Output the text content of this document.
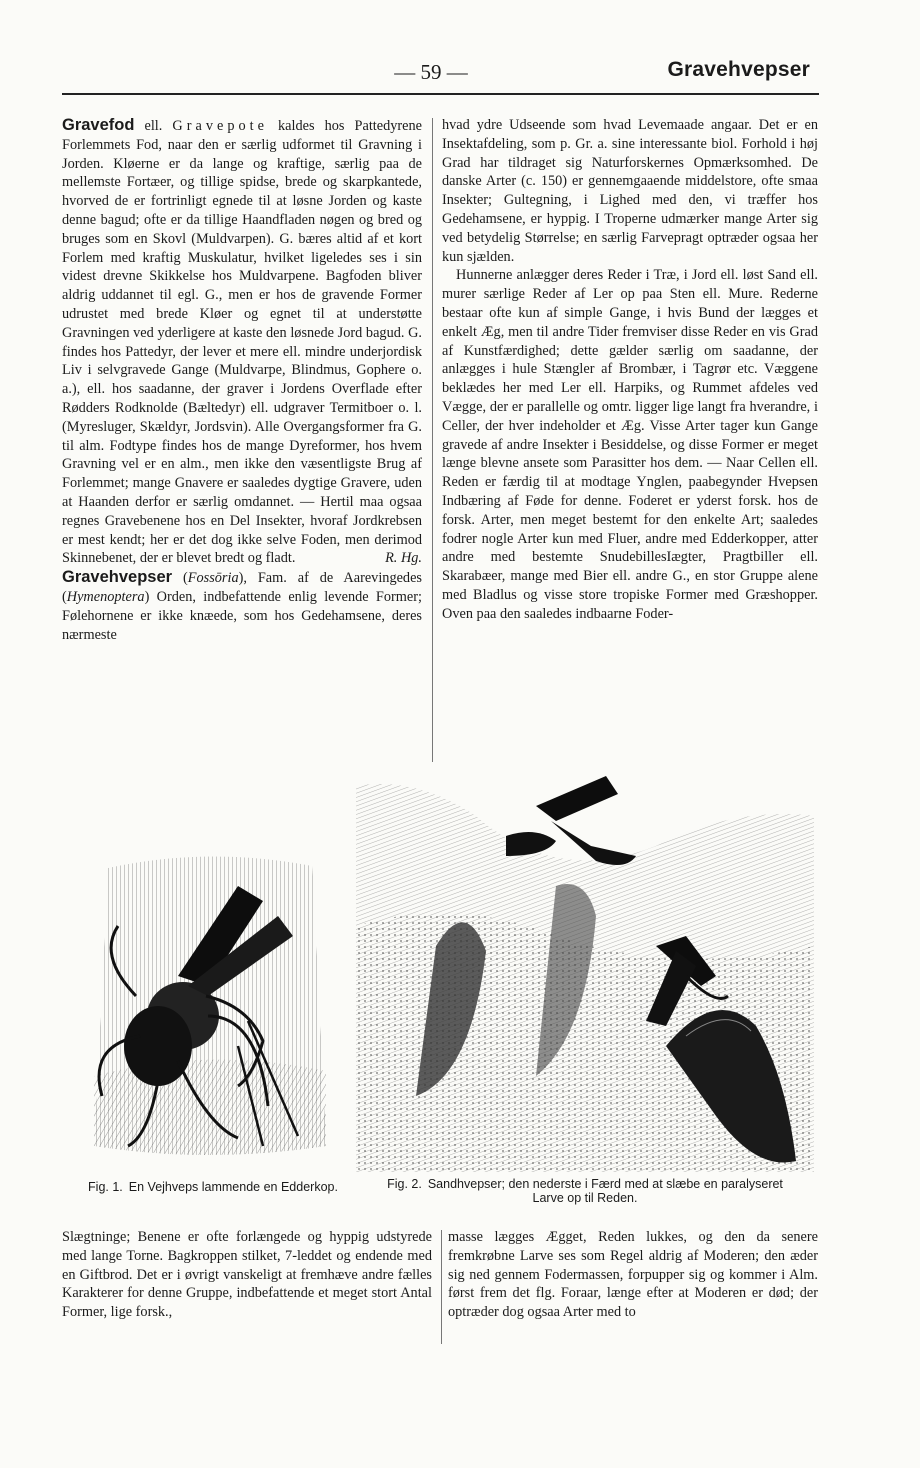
— 59 —	Gravehvepser

Gravefod ell. Gravepote kaldes hos Pattedyrene Forlemmets Fod, naar den er særlig udformet til Gravning i Jorden. Kløerne er da lange og kraftige, særlig paa de mellemste Fortæer, og tillige spidse, brede og skarpkantede, hvorved de er fortrinligt egnede til at løsne Jorden og kaste denne bagud; ofte er da tillige Haandfladen nøgen og bred og bruges som en Skovl (Muldvarpen). G. bæres altid af et kort Forlem med kraftig Muskulatur, hvilket ligeledes ses i sin videst drevne Skikkelse hos Muldvarpene. Bagfoden bliver aldrig uddannet til egl. G., men er hos de gravende Former udrustet med brede Kløer og egnet til at understøtte Gravningen ved yderligere at kaste den løsnede Jord bagud. G. findes hos Pattedyr, der lever et mere ell. mindre underjordisk Liv i selvgravede Gange (Muldvarpe, Blindmus, Gophere o. a.), ell. hos saadanne, der graver i Jordens Overflade efter Rødders Rodknolde (Bæltedyr) ell. udgraver Termitboer o. l. (Myresluger, Skældyr, Jordsvin). Alle Overgangsformer fra G. til alm. Fodtype findes hos de mange Dyreformer, hos hvem Gravning vel er en alm., men ikke den væsentligste Brug af Forlemmet; mange Gnavere er saaledes dygtige Gravere, uden at Haanden derfor er særlig omdannet. — Hertil maa ogsaa regnes Gravebenene hos en Del Insekter, hvoraf Jordkrebsen er mest kendt; her er det dog ikke selve Foden, men derimod Skinnebenet, der er blevet bredt og fladt.	R. Hg.

Gravehvepser (Fossōria), Fam. af de Aarevingedes (Hymenoptera) Orden, indbefattende enlig levende Former; Følehornene er ikke knæede, som hos Gedehamsene, deres nærmeste

hvad ydre Udseende som hvad Levemaade angaar. Det er en Insektafdeling, som p. Gr. a. sine interessante biol. Forhold i høj Grad har tildraget sig Naturforskernes Opmærksomhed. De danske Arter (c. 150) er gennemgaaende middelstore, ofte smaa Insekter; Gultegning, i Lighed med den, vi træffer hos Gedehamsene, er hyppig. I Troperne udmærker mange Arter sig ved betydelig Størrelse; en særlig Farvepragt optræder ogsaa her kun sjælden.

Hunnerne anlægger deres Reder i Træ, i Jord ell. løst Sand ell. murer særlige Reder af Ler op paa Sten ell. Mure. Rederne bestaar ofte kun af simple Gange, i hvis Bund der lægges et enkelt Æg, men til andre Tider fremviser disse Reder en vis Grad af Kunstfærdighed; dette gælder særlig om saadanne, der anlægges i hule Stængler af Brombær, i Tagrør etc. Væggene beklædes her med Ler ell. Harpiks, og Rummet afdeles ved Vægge, der er parallelle og omtr. ligger lige langt fra hverandre, i Celler, der hver indeholder et Æg. Visse Arter tager kun Gange gravede af andre Insekter i Besiddelse, og disse Former er meget længe blevne ansete som Parasitter hos dem. — Naar Cellen ell. Reden er færdig til at modtage Ynglen, paabegynder Hvepsen Indbæring af Føde for denne. Foderet er yderst forsk. hos de forsk. Arter, men meget bestemt for den enkelte Art; saaledes fodrer nogle Arter kun med Fluer, andre med Edderkopper, atter andre med bestemte SnudebillesIægter, Pragtbiller ell. Skarabæer, mange med Bier ell. andre G., en stor Gruppe alene med Bladlus og visse store tropiske Former med Græshopper. Oven paa den saaledes indbaarne Foder-

Fig. 1. En Vejhveps lammende en Edderkop.	Fig. 2. Sandhvepser; den nederste i Færd med at slæbe en paralyseret Larve op til Reden.

Slægtninge; Benene er ofte forlængede og hyppig udstyrede med lange Torne. Bagkroppen stilket, 7-leddet og endende med en Giftbrod. Det er i øvrigt vanskeligt at fremhæve andre fælles Karakterer for denne Gruppe, indbefattende et meget stort Antal Former, lige forsk.,

masse lægges Ægget, Reden lukkes, og den da senere fremkrøbne Larve ses som Regel aldrig af Moderen; den æder sig ned gennem Fodermassen, forpupper sig og kommer i Alm. først frem det flg. Foraar, længe efter at Moderen er død; der optræder dog ogsaa Arter med to
